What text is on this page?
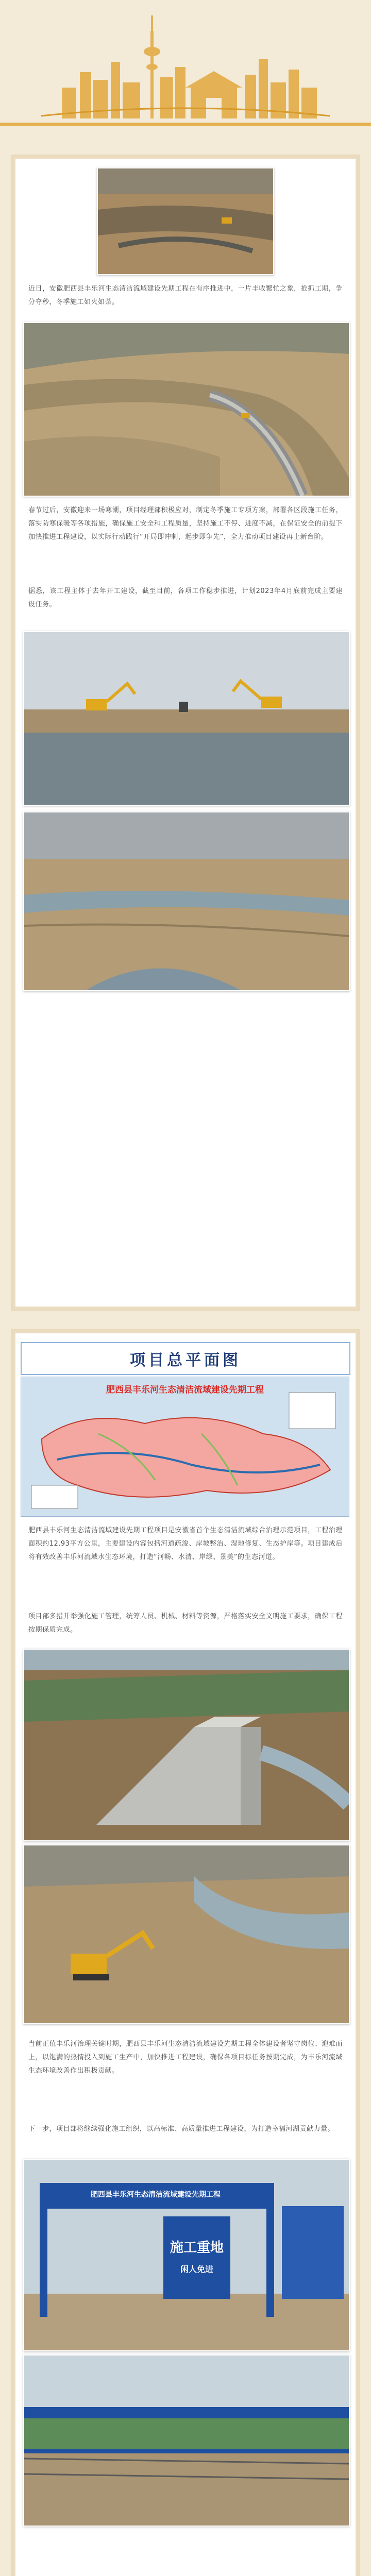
近日，安徽肥西县丰乐河生态清洁流域建设先期工程在有序推进中，一片丰收繁忙之象，抢抓工期，争分夺秒，冬季施工如火如荼。
春节过后，安徽迎来一场寒潮，项目经理部积极应对，制定冬季施工专项方案，部署各区段施工任务，落实防寒保暖等各项措施，确保施工安全和工程质量，坚持施工不停、进度不减，在保证安全的前提下加快推进工程建设，以实际行动践行“开局即冲刺，起步即争先”，全力推动项目建设再上新台阶。
据悉，该工程主体于去年开工建设，截至目前，各项工作稳步推进，计划2023年4月底前完成主要建设任务。
项目总平面图
肥西县丰乐河生态清洁流域建设先期工程
肥西县丰乐河生态清洁流域建设先期工程项目是安徽省首个生态清洁流域综合治理示范项目，工程治理面积约12.93平方公里，主要建设内容包括河道疏浚、岸坡整治、湿地修复、生态护岸等。项目建成后将有效改善丰乐河流域水生态环境，打造“河畅、水清、岸绿、景美”的生态河道。
项目部多措并举强化施工管理，统筹人员、机械、材料等资源，严格落实安全文明施工要求，确保工程按期保质完成。
当前正值丰乐河治理关键时期，肥西县丰乐河生态清洁流域建设先期工程全体建设者坚守岗位、迎难而上，以饱满的热情投入到施工生产中，加快推进工程建设，确保各项目标任务按期完成，为丰乐河流域生态环境改善作出积极贡献。
下一步，项目部将继续强化施工组织，以高标准、高质量推进工程建设，为打造幸福河湖贡献力量。
肥西县丰乐河生态清洁流域建设先期工程
施工重地
闲人免进
